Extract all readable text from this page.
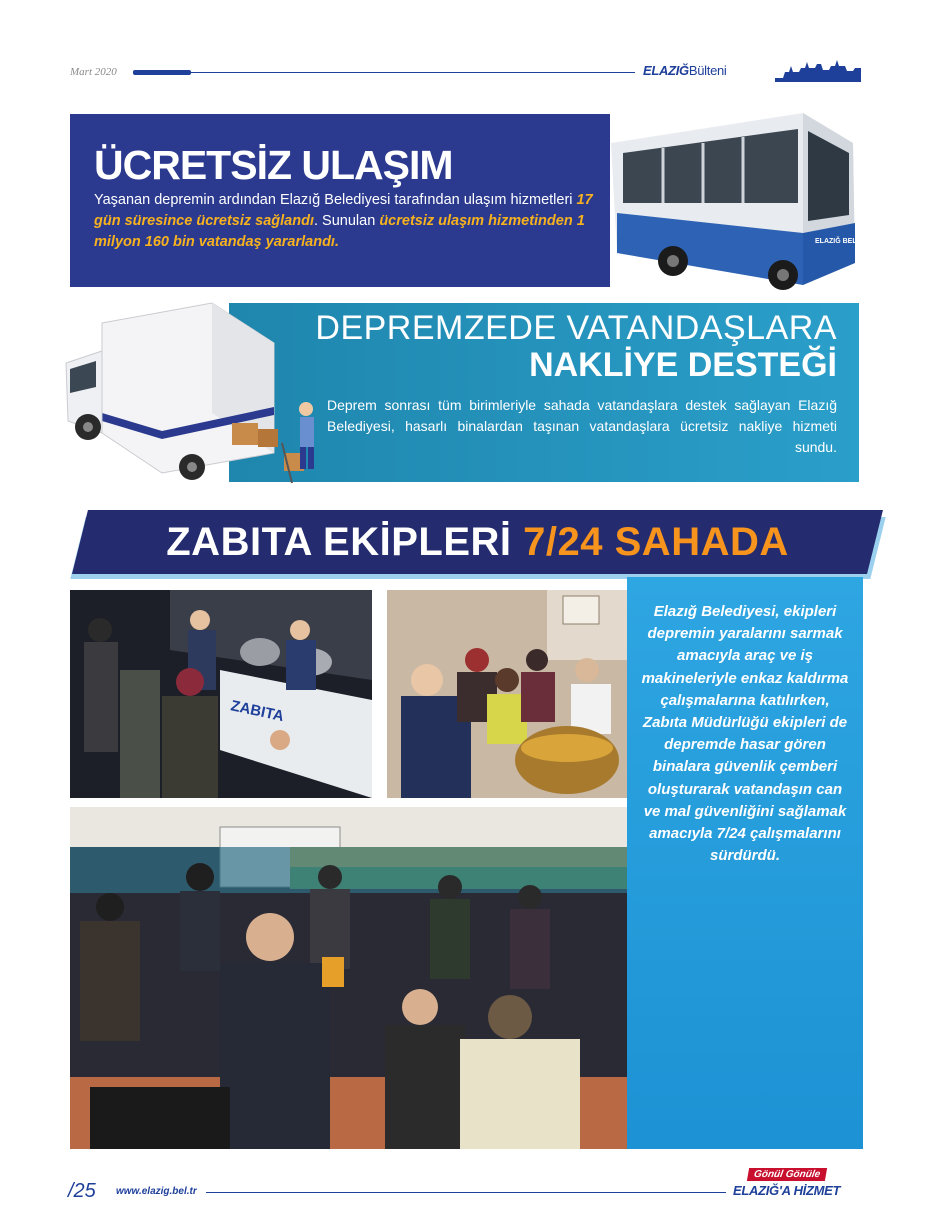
Mart 2020	ELAZIĞBülteni
ÜCRETSİZ ULAŞIM

Yaşanan depremin ardından Elazığ Belediyesi tarafından ulaşım hizmetleri 17 gün süresince ücretsiz sağlandı. Sunulan ücretsiz ulaşım hizmetinden 1 milyon 160 bin vatandaş yararlandı.	ELAZIĞ BELEDİYESİ
DEPREMZEDE VATANDAŞLARA
NAKLİYE DESTEĞİ

Deprem sonrası tüm birimleriyle sahada vatandaşlara destek sağlayan Elazığ Belediyesi, hasarlı binalardan taşınan vatandaşlara ücretsiz nakliye hizmeti sundu.

ZABITA EKİPLERİ 7/24 SAHADA
ZABITA

Elazığ Belediyesi, ekipleri depremin yaralarını sarmak amacıyla araç ve iş makineleriyle enkaz kaldırma çalışmalarına katılırken, Zabıta Müdürlüğü ekipleri de depremde hasar gören binalara güvenlik çemberi oluşturarak vatandaşın can ve mal güvenliğini sağlamak amacıyla 7/24 çalışmalarını sürdürdü.

/25 www.elazig.bel.tr
Gönül Gönüle
ELAZIĞ'A HİZMET
